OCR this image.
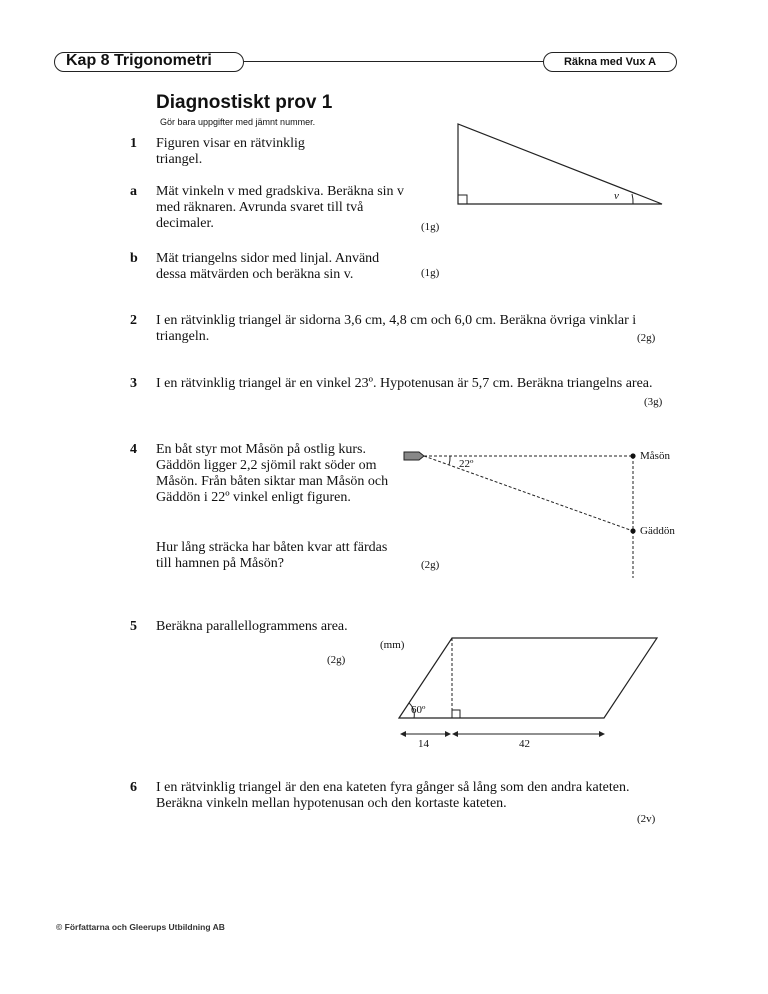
Kap 8 Trigonometri	Räkna med Vux A
Diagnostiskt prov 1
Gör bara uppgifter med jämnt nummer.
1 Figuren visar en rätvinklig triangel.
a Mät vinkeln v med gradskiva. Beräkna sin v med räknaren. Avrunda svaret till två decimaler.	(1g)
b Mät triangelns sidor med linjal. Använd dessa mätvärden och beräkna sin v.	(1g)
v
2 I en rätvinklig triangel är sidorna 3,6 cm, 4,8 cm och 6,0 cm. Beräkna övriga vinklar i triangeln.	(2g)
3 I en rätvinklig triangel är en vinkel 23º. Hypotenusan är 5,7 cm. Beräkna triangelns area.
(3g)
4 En båt styr mot Måsön på ostlig kurs. Gäddön ligger 2,2 sjömil rakt söder om Måsön. Från båten siktar man Måsön och Gäddön i 22º vinkel enligt figuren.
Hur lång sträcka har båten kvar att färdas till hamnen på Måsön?	(2g)
22º
Måsön
Gäddön
5 Beräkna parallellogrammens area.
(2g)
(mm)
60º
14	42
6 I en rätvinklig triangel är den ena kateten fyra gånger så lång som den andra kateten. Beräkna vinkeln mellan hypotenusan och den kortaste kateten.
(2v)
© Författarna och Gleerups Utbildning AB
